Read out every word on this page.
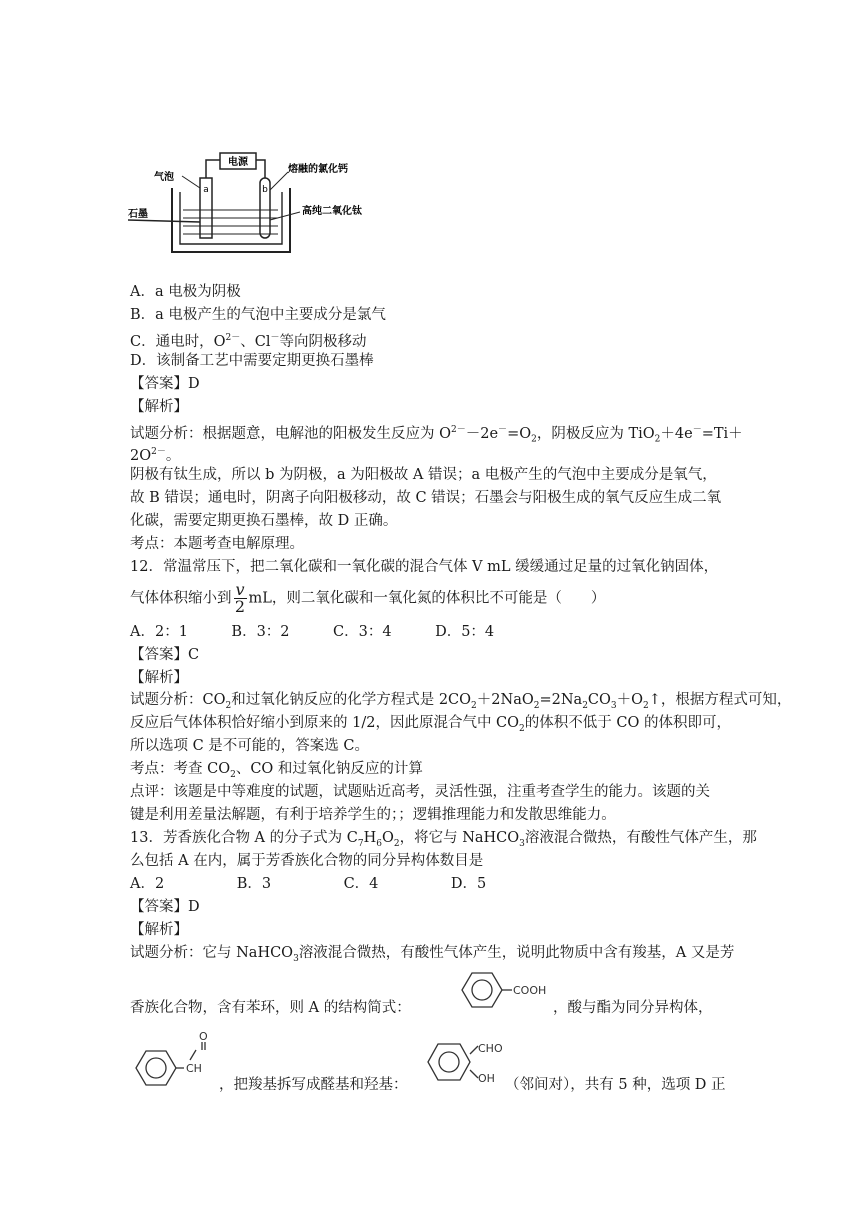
电源
气泡
熔融的氯化钙
石墨	高纯二氧化钛
a	b
A．a 电极为阴极
B．a 电极产生的气泡中主要成分是氯气
C．通电时，$O^{2-}$、Cl－等向阴极移动
D．该制备工艺中需要定期更换石墨棒
【答案】D
【解析】
试题分析：根据题意，电解池的阳极发生反应为 $O^{2-}-2e^-=O_2$，阴极反应为 TiO$_2$＋4e－=Ti＋
$2O^{2-}$。
阴极有钛生成，所以 b 为阴极，a 为阳极故 A 错误；a 电极产生的气泡中主要成分是氧气，
故 B 错误；通电时，阴离子向阳极移动，故 C 错误；石墨会与阳极生成的氧气反应生成二氧
化碳，需要定期更换石墨棒，故 D 正确。
考点：本题考查电解原理。
12．常温常压下，把二氧化碳和一氧化碳的混合气体 V mL 缓缓通过足量的过氧化钠固体，
气体体积缩小到 $\frac{v}{2}$ mL，则二氧化碳和一氧化氮的体积比不可能是（　　）
A．2：1　　　B．3：2　　　C．3：4　　　D．5：4
【答案】C
【解析】
试题分析：$CO_2$和过氧化钠反应的化学方程式是 $2CO_2+2NaO_2=2Na_2CO_3+O_2↑$，根据方程式可知，
反应后气体体积恰好缩小到原来的 1/2，因此原混合气中 $CO_2$的体积不低于 CO 的体积即可，
所以选项 C 是不可能的，答案选 C。
考点：考查 $CO_2$、CO 和过氧化钠反应的计算
点评：该题是中等难度的试题，试题贴近高考，灵活性强，注重考查学生的能力。该题的关
键是利用差量法解题，有利于培养学生的；；逻辑推理能力和发散思维能力。
13．芳香族化合物 A 的分子式为 $C_7H_6O_2$，将它与 NaHCO$_3$溶液混合微热，有酸性气体产生，那
么包括 A 在内，属于芳香族化合物的同分异构体数目是
A．2　　　　　B．3　　　　　C．4　　　　　D．5
【答案】D
【解析】
试题分析：它与 NaHCO$_3$溶液混合微热，有酸性气体产生，说明此物质中含有羧基，A 又是芳
香族化合物，含有苯环，则 A 的结构简式：	，酸与酯为同分异构体，
，把羧基拆写成醛基和羟基：	（邻间对），共有 5 种，选项 D 正
COOH
O
CH
CHO
OH
